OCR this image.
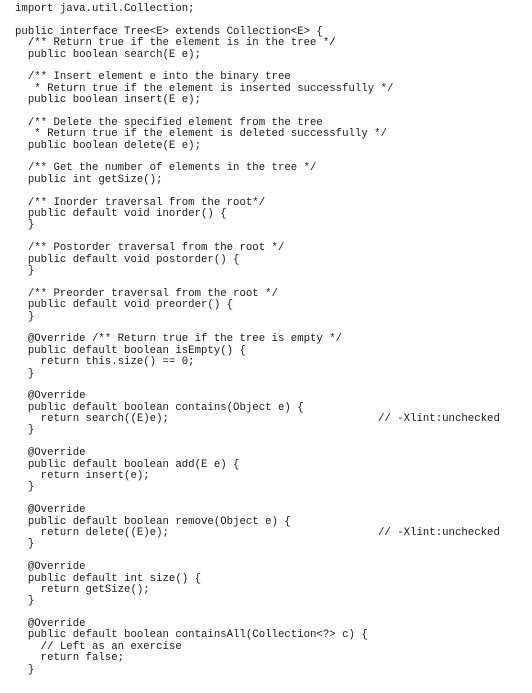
import java.util.Collection;
public interface Tree<E> extends Collection<E> {
/** Return true if the element is in the tree */
public boolean search(E e);
/** Insert element e into the binary tree
* Return true if the element is inserted successfully */
public boolean insert(E e);
/** Delete the specified element from the tree
* Return true if the element is deleted successfully */
public boolean delete(E e);
/** Get the number of elements in the tree */
public int getSize();
/** Inorder traversal from the root*/
public default void inorder() {
}
/** Postorder traversal from the root */
public default void postorder() {
}
/** Preorder traversal from the root */
public default void preorder() {
}
@Override /** Return true if the tree is empty */
public default boolean isEmpty() {
return this.size() == 0;
}
@Override
public default boolean contains(Object e) {
return search((E)e);	// -Xlint:unchecked
}
@Override
public default boolean add(E e) {
return insert(e);
}
@Override
public default boolean remove(Object e) {
return delete((E)e);	// -Xlint:unchecked
}
@Override
public default int size() {
return getSize();
}
@Override
public default boolean containsAll(Collection<?> c) {
// Left as an exercise
return false;
}
